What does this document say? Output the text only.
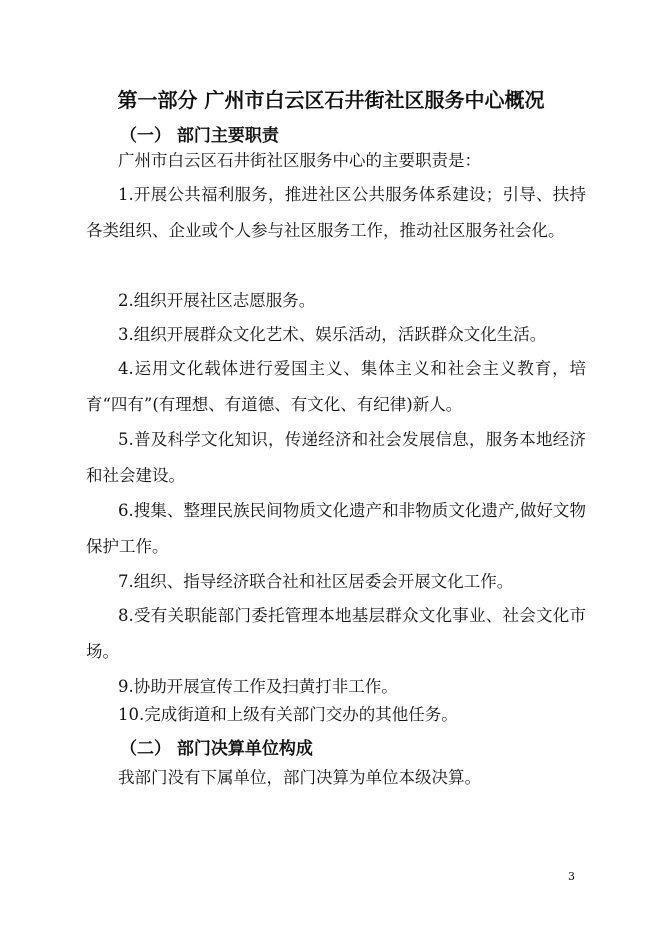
第一部分 广州市白云区石井街社区服务中心概况
（一） 部门主要职责

广州市白云区石井街社区服务中心的主要职责是：

1.开展公共福利服务，推进社区公共服务体系建设；引导、扶持各类组织、企业或个人参与社区服务工作，推动社区服务社会化。

2.组织开展社区志愿服务。

3.组织开展群众文化艺术、娱乐活动，活跃群众文化生活。

4.运用文化载体进行爱国主义、集体主义和社会主义教育，培育“四有”(有理想、有道德、有文化、有纪律)新人。

5.普及科学文化知识，传递经济和社会发展信息，服务本地经济和社会建设。

6.搜集、整理民族民间物质文化遗产和非物质文化遗产,做好文物保护工作。

7.组织、指导经济联合社和社区居委会开展文化工作。

8.受有关职能部门委托管理本地基层群众文化事业、社会文化市场。

9.协助开展宣传工作及扫黄打非工作。

10.完成街道和上级有关部门交办的其他任务。

（二） 部门决算单位构成

我部门没有下属单位，部门决算为单位本级决算。

3
